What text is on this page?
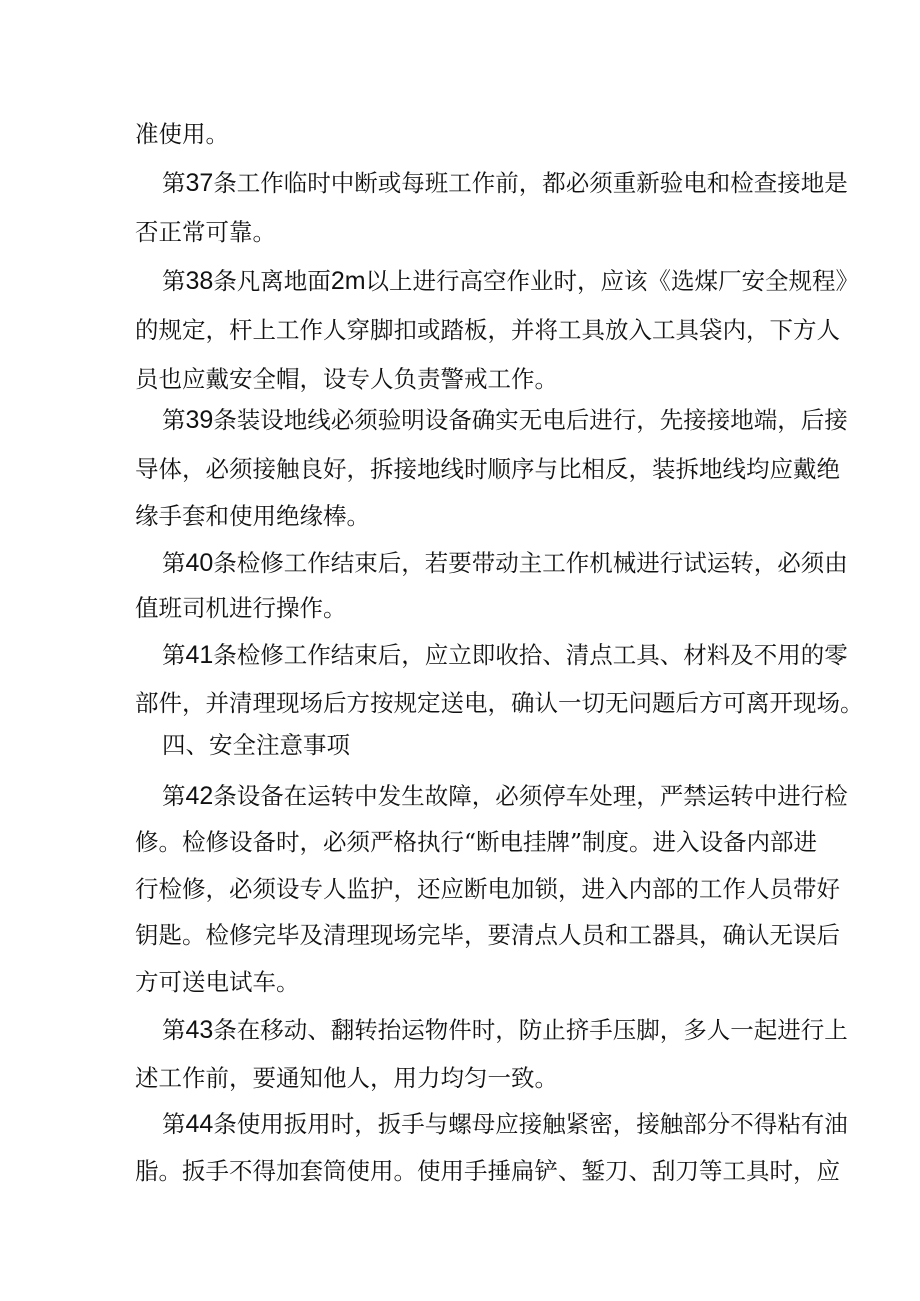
准使用。
第37条工作临时中断或每班工作前，都必须重新验电和检查接地是
否正常可靠。
第38条凡离地面2m以上进行高空作业时，应该《选煤厂安全规程》
的规定，杆上工作人穿脚扣或踏板，并将工具放入工具袋内，下方人
员也应戴安全帽，设专人负责警戒工作。
第39条装设地线必须验明设备确实无电后进行，先接接地端，后接
导体，必须接触良好，拆接地线时顺序与比相反，装拆地线均应戴绝
缘手套和使用绝缘棒。
第40条检修工作结束后，若要带动主工作机械进行试运转，必须由
值班司机进行操作。
第41条检修工作结束后，应立即收拾、清点工具、材料及不用的零
部件，并清理现场后方按规定送电，确认一切无问题后方可离开现场。
四、安全注意事项
第42条设备在运转中发生故障，必须停车处理，严禁运转中进行检
修。检修设备时，必须严格执行“断电挂牌”制度。进入设备内部进
行检修，必须设专人监护，还应断电加锁，进入内部的工作人员带好
钥匙。检修完毕及清理现场完毕，要清点人员和工器具，确认无误后
方可送电试车。
第43条在移动、翻转抬运物件时，防止挤手压脚，多人一起进行上
述工作前，要通知他人，用力均匀一致。
第44条使用扳用时，扳手与螺母应接触紧密，接触部分不得粘有油
脂。扳手不得加套筒使用。使用手捶扁铲、錾刀、刮刀等工具时，应
